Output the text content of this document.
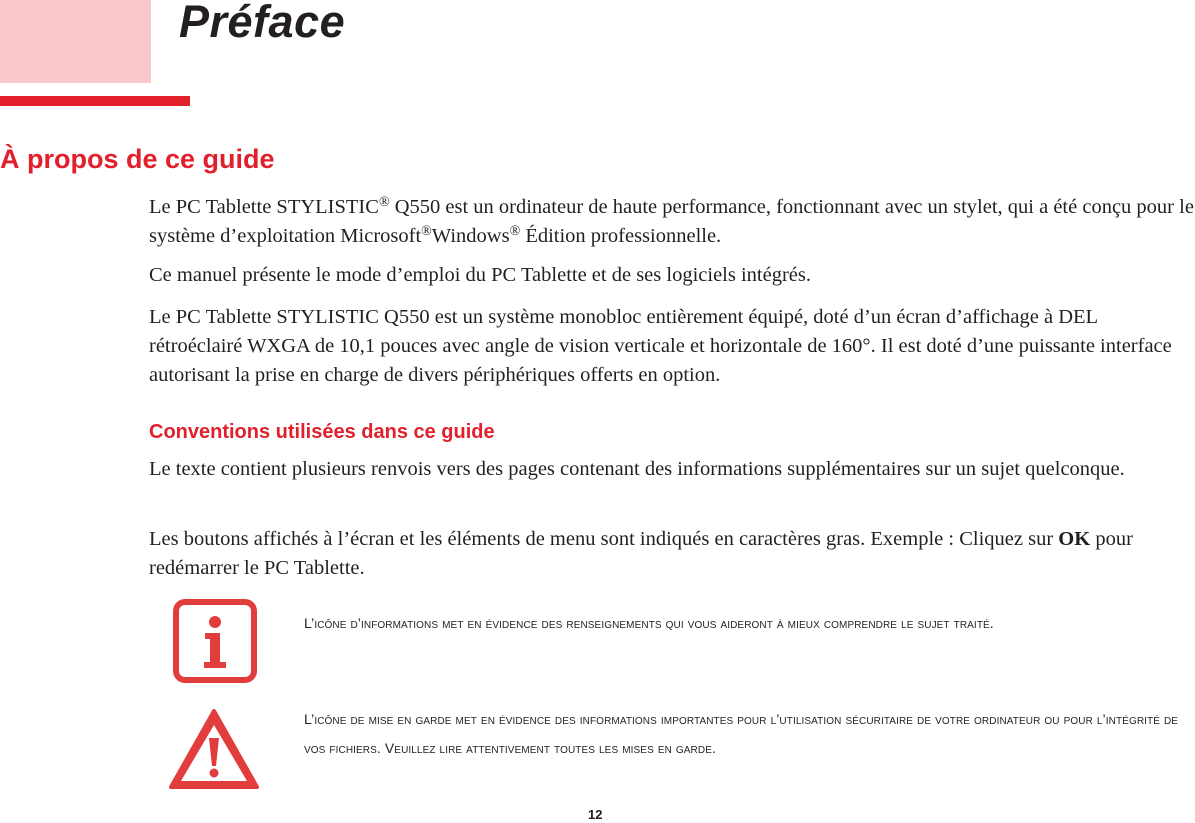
Préface
À propos de ce guide

Le PC Tablette STYLISTIC® Q550 est un ordinateur de haute performance, fonctionnant avec un stylet, qui a été conçu pour le système d’exploitation Microsoft®Windows® Édition professionnelle.

Ce manuel présente le mode d’emploi du PC Tablette et de ses logiciels intégrés.

Le PC Tablette STYLISTIC Q550 est un système monobloc entièrement équipé, doté d’un écran d’affichage à DEL rétroéclairé WXGA de 10,1 pouces avec angle de vision verticale et horizontale de 160°. Il est doté d’une puissante interface autorisant la prise en charge de divers périphériques offerts en option.

Conventions utilisées dans ce guide

Le texte contient plusieurs renvois vers des pages contenant des informations supplémentaires sur un sujet quelconque.

Les boutons affichés à l’écran et les éléments de menu sont indiqués en caractères gras. Exemple : Cliquez sur OK pour redémarrer le PC Tablette.

L’icône d’informations met en évidence des renseignements qui vous aideront à mieux comprendre le sujet traité.

L’icône de mise en garde met en évidence des informations importantes pour l’utilisation sécuritaire de votre ordinateur ou pour l’intégrité de vos fichiers. Veuillez lire attentivement toutes les mises en garde.

12
